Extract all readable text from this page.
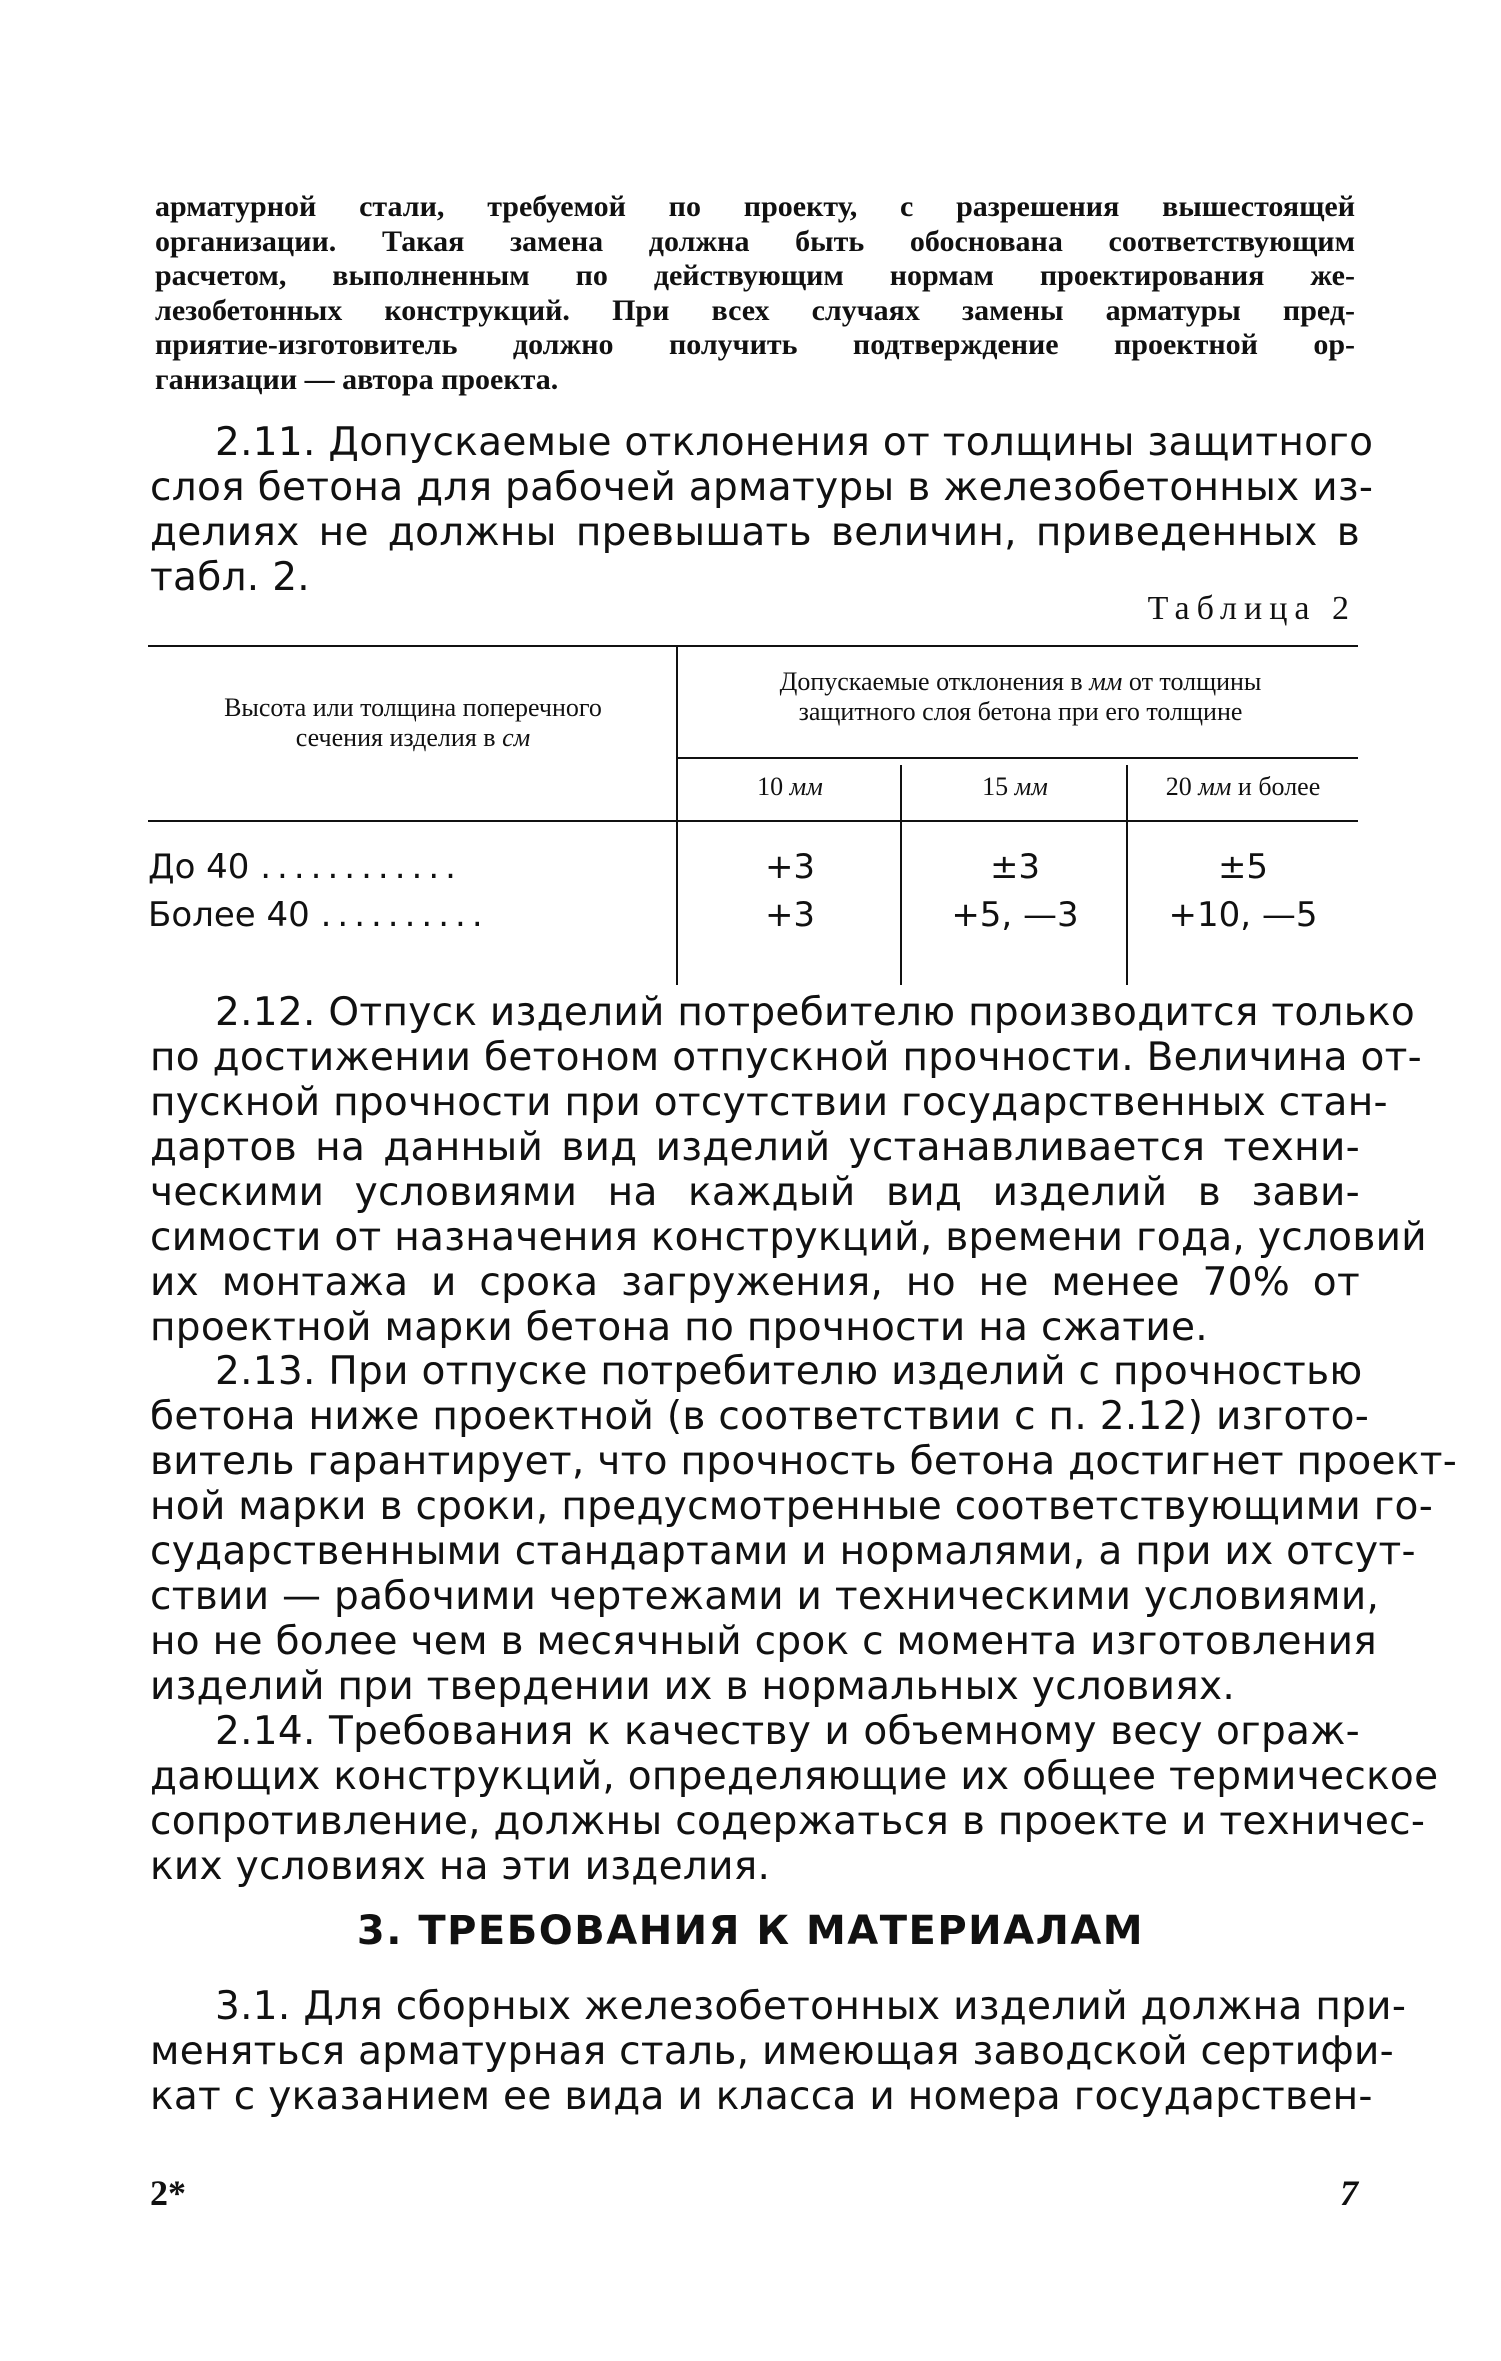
арматурной стали, требуемой по проекту, с разрешения вышестоящей
организации. Такая замена должна быть обоснована соответствующим
расчетом, выполненным по действующим нормам проектирования же-
лезобетонных конструкций. При всех случаях замены арматуры пред-
приятие-изготовитель должно получить подтверждение проектной ор-
ганизации — автора проекта.
2.11. Допускаемые отклонения от толщины защитного
слоя бетона для рабочей арматуры в железобетонных из-
делиях не должны превышать величин, приведенных в
табл. 2.
Таблица 2
Высота или толщина поперечного
сечения изделия в см
Допускаемые отклонения в мм от толщины
защитного слоя бетона при его толщине
10 мм	15 мм	20 мм и более
До 40 ............	+3	±3	±5
Более 40 ..........	+3	+5, —3	+10, —5
2.12. Отпуск изделий потребителю производится только
по достижении бетоном отпускной прочности. Величина от-
пускной прочности при отсутствии государственных стан-
дартов на данный вид изделий устанавливается техни-
ческими условиями на каждый вид изделий в зави-
симости от назначения конструкций, времени года, условий
их монтажа и срока загружения, но не менее 70% от
проектной марки бетона по прочности на сжатие.
2.13. При отпуске потребителю изделий с прочностью
бетона ниже проектной (в соответствии с п. 2.12) изгото-
витель гарантирует, что прочность бетона достигнет проект-
ной марки в сроки, предусмотренные соответствующими го-
сударственными стандартами и нормалями, а при их отсут-
ствии — рабочими чертежами и техническими условиями,
но не более чем в месячный срок с момента изготовления
изделий при твердении их в нормальных условиях.
2.14. Требования к качеству и объемному весу ограж-
дающих конструкций, определяющие их общее термическое
сопротивление, должны содержаться в проекте и техничес-
ких условиях на эти изделия.
3. ТРЕБОВАНИЯ К МАТЕРИАЛАМ
3.1. Для сборных железобетонных изделий должна при-
меняться арматурная сталь, имеющая заводской сертифи-
кат с указанием ее вида и класса и номера государствен-
2*	7
